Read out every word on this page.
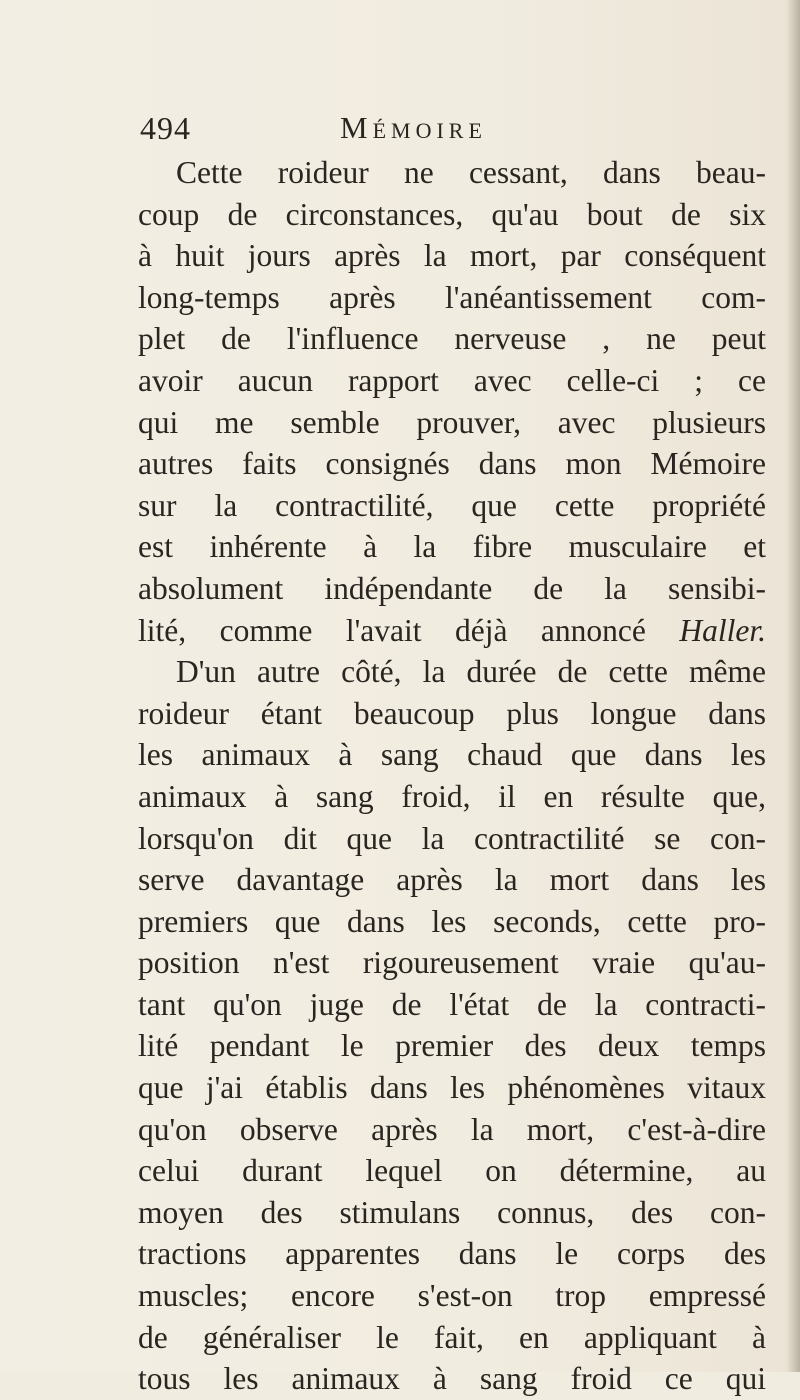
494	Mémoire
Cette roideur ne cessant, dans beau-
coup de circonstances, qu'au bout de six
à huit jours après la mort, par conséquent
long-temps après l'anéantissement com-
plet de l'influence nerveuse , ne peut
avoir aucun rapport avec celle-ci ; ce
qui me semble prouver, avec plusieurs
autres faits consignés dans mon Mémoire
sur la contractilité, que cette propriété
est inhérente à la fibre musculaire et
absolument indépendante de la sensibi-
lité, comme l'avait déjà annoncé Haller.
D'un autre côté, la durée de cette même
roideur étant beaucoup plus longue dans
les animaux à sang chaud que dans les
animaux à sang froid, il en résulte que,
lorsqu'on dit que la contractilité se con-
serve davantage après la mort dans les
premiers que dans les seconds, cette pro-
position n'est rigoureusement vraie qu'au-
tant qu'on juge de l'état de la contracti-
lité pendant le premier des deux temps
que j'ai établis dans les phénomènes vitaux
qu'on observe après la mort, c'est-à-dire
celui durant lequel on détermine, au
moyen des stimulans connus, des con-
tractions apparentes dans le corps des
muscles; encore s'est-on trop empressé
de généraliser le fait, en appliquant à
tous les animaux à sang froid ce qui
